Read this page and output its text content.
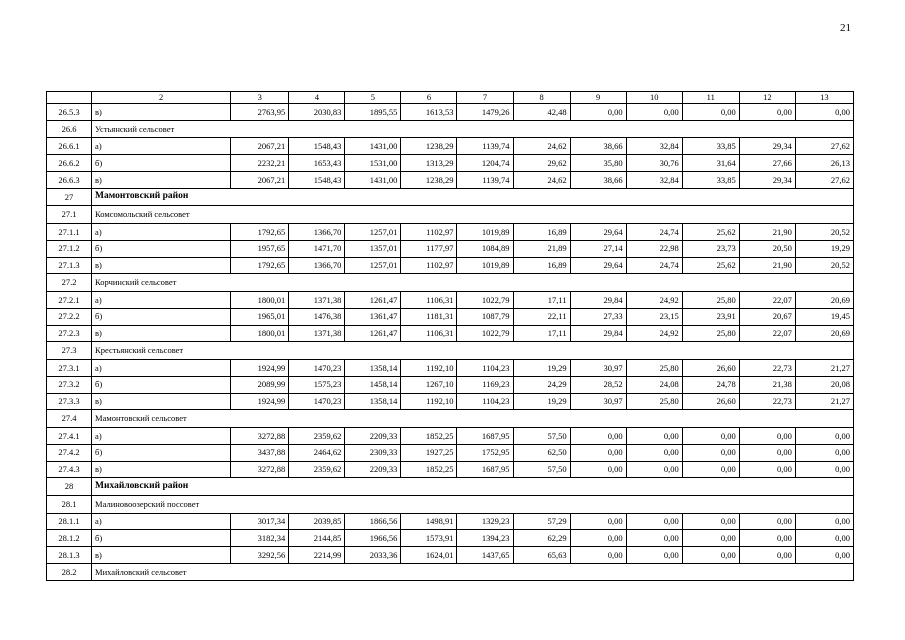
21
	2	3	4	5	6	7	8	9	10	11	12	13
26.5.3	в)	2763,95	2030,83	1895,55	1613,53	1479,26	42,48	0,00	0,00	0,00	0,00	0,00
26.6	Устьянский сельсовет											
26.6.1	а)	2067,21	1548,43	1431,00	1238,29	1139,74	24,62	38,66	32,84	33,85	29,34	27,62
26.6.2	б)	2232,21	1653,43	1531,00	1313,29	1204,74	29,62	35,80	30,76	31,64	27,66	26,13
26.6.3	в)	2067,21	1548,43	1431,00	1238,29	1139,74	24,62	38,66	32,84	33,85	29,34	27,62
27	Мамонтовский район											
27.1	Комсомольский сельсовет											
27.1.1	а)	1792,65	1366,70	1257,01	1102,97	1019,89	16,89	29,64	24,74	25,62	21,90	20,52
27.1.2	б)	1957,65	1471,70	1357,01	1177,97	1084,89	21,89	27,14	22,98	23,73	20,50	19,29
27.1.3	в)	1792,65	1366,70	1257,01	1102,97	1019,89	16,89	29,64	24,74	25,62	21,90	20,52
27.2	Корчинский сельсовет											
27.2.1	а)	1800,01	1371,38	1261,47	1106,31	1022,79	17,11	29,84	24,92	25,80	22,07	20,69
27.2.2	б)	1965,01	1476,38	1361,47	1181,31	1087,79	22,11	27,33	23,15	23,91	20,67	19,45
27.2.3	в)	1800,01	1371,38	1261,47	1106,31	1022,79	17,11	29,84	24,92	25,80	22,07	20,69
27.3	Крестьянский сельсовет											
27.3.1	а)	1924,99	1470,23	1358,14	1192,10	1104,23	19,29	30,97	25,80	26,60	22,73	21,27
27.3.2	б)	2089,99	1575,23	1458,14	1267,10	1169,23	24,29	28,52	24,08	24,78	21,38	20,08
27.3.3	в)	1924,99	1470,23	1358,14	1192,10	1104,23	19,29	30,97	25,80	26,60	22,73	21,27
27.4	Мамонтовский сельсовет											
27.4.1	а)	3272,88	2359,62	2209,33	1852,25	1687,95	57,50	0,00	0,00	0,00	0,00	0,00
27.4.2	б)	3437,88	2464,62	2309,33	1927,25	1752,95	62,50	0,00	0,00	0,00	0,00	0,00
27.4.3	в)	3272,88	2359,62	2209,33	1852,25	1687,95	57,50	0,00	0,00	0,00	0,00	0,00
28	Михайловский район											
28.1	Малиновоозерский поссовет											
28.1.1	а)	3017,34	2039,85	1866,56	1498,91	1329,23	57,29	0,00	0,00	0,00	0,00	0,00
28.1.2	б)	3182,34	2144,85	1966,56	1573,91	1394,23	62,29	0,00	0,00	0,00	0,00	0,00
28.1.3	в)	3292,56	2214,99	2033,36	1624,01	1437,65	65,63	0,00	0,00	0,00	0,00	0,00
28.2	Михайловский сельсовет											
